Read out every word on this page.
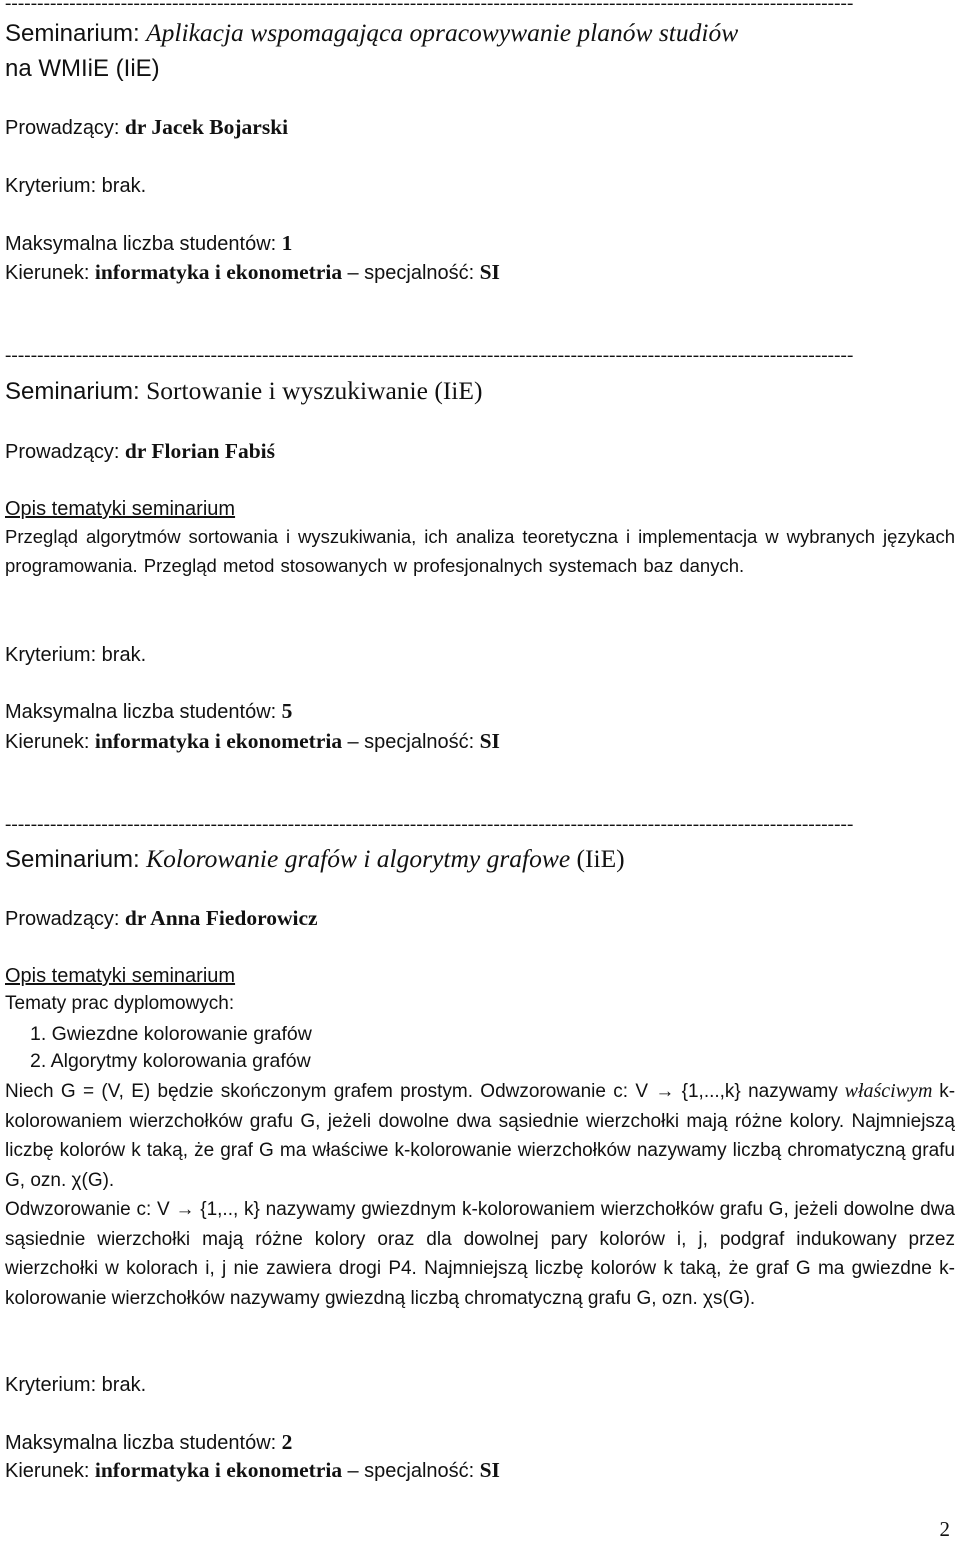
------------------------------------------------------------------------------------------------------------------------------------
Seminarium: Aplikacja wspomagająca opracowywanie planów studiów
na WMIiE (IiE)
Prowadzący: dr Jacek Bojarski
Kryterium: brak.
Maksymalna liczba studentów: 1
Kierunek: informatyka i ekonometria – specjalność: SI
------------------------------------------------------------------------------------------------------------------------------------
Seminarium: Sortowanie i wyszukiwanie (IiE)
Prowadzący: dr Florian Fabiś
Opis tematyki seminarium
Przegląd algorytmów sortowania i wyszukiwania, ich analiza teoretyczna i implementacja w wybranych językach programowania. Przegląd metod stosowanych w profesjonalnych systemach baz danych.
Kryterium: brak.
Maksymalna liczba studentów: 5
Kierunek: informatyka i ekonometria – specjalność: SI
------------------------------------------------------------------------------------------------------------------------------------
Seminarium: Kolorowanie grafów i algorytmy grafowe (IiE)
Prowadzący: dr Anna Fiedorowicz
Opis tematyki seminarium
Tematy prac dyplomowych:
1. Gwiezdne kolorowanie grafów
2. Algorytmy kolorowania grafów
Niech G = (V, E) będzie skończonym grafem prostym. Odwzorowanie c: V → {1,...,k} nazywamy właściwym k-kolorowaniem wierzchołków grafu G, jeżeli dowolne dwa sąsiednie wierzchołki mają różne kolory. Najmniejszą liczbę kolorów k taką, że graf G ma właściwe k-kolorowanie wierzchołków nazywamy liczbą chromatyczną grafu G, ozn. χ(G).
Odwzorowanie c: V → {1,.., k} nazywamy gwiezdnym k-kolorowaniem wierzchołków grafu G, jeżeli dowolne dwa sąsiednie wierzchołki mają różne kolory oraz dla dowolnej pary kolorów i, j, podgraf indukowany przez wierzchołki w kolorach i, j nie zawiera drogi P4. Najmniejszą liczbę kolorów k taką, że graf G ma gwiezdne k-kolorowanie wierzchołków nazywamy gwiezdną liczbą chromatyczną grafu G, ozn. χs(G).
Kryterium: brak.
Maksymalna liczba studentów: 2
Kierunek: informatyka i ekonometria – specjalność: SI
2
